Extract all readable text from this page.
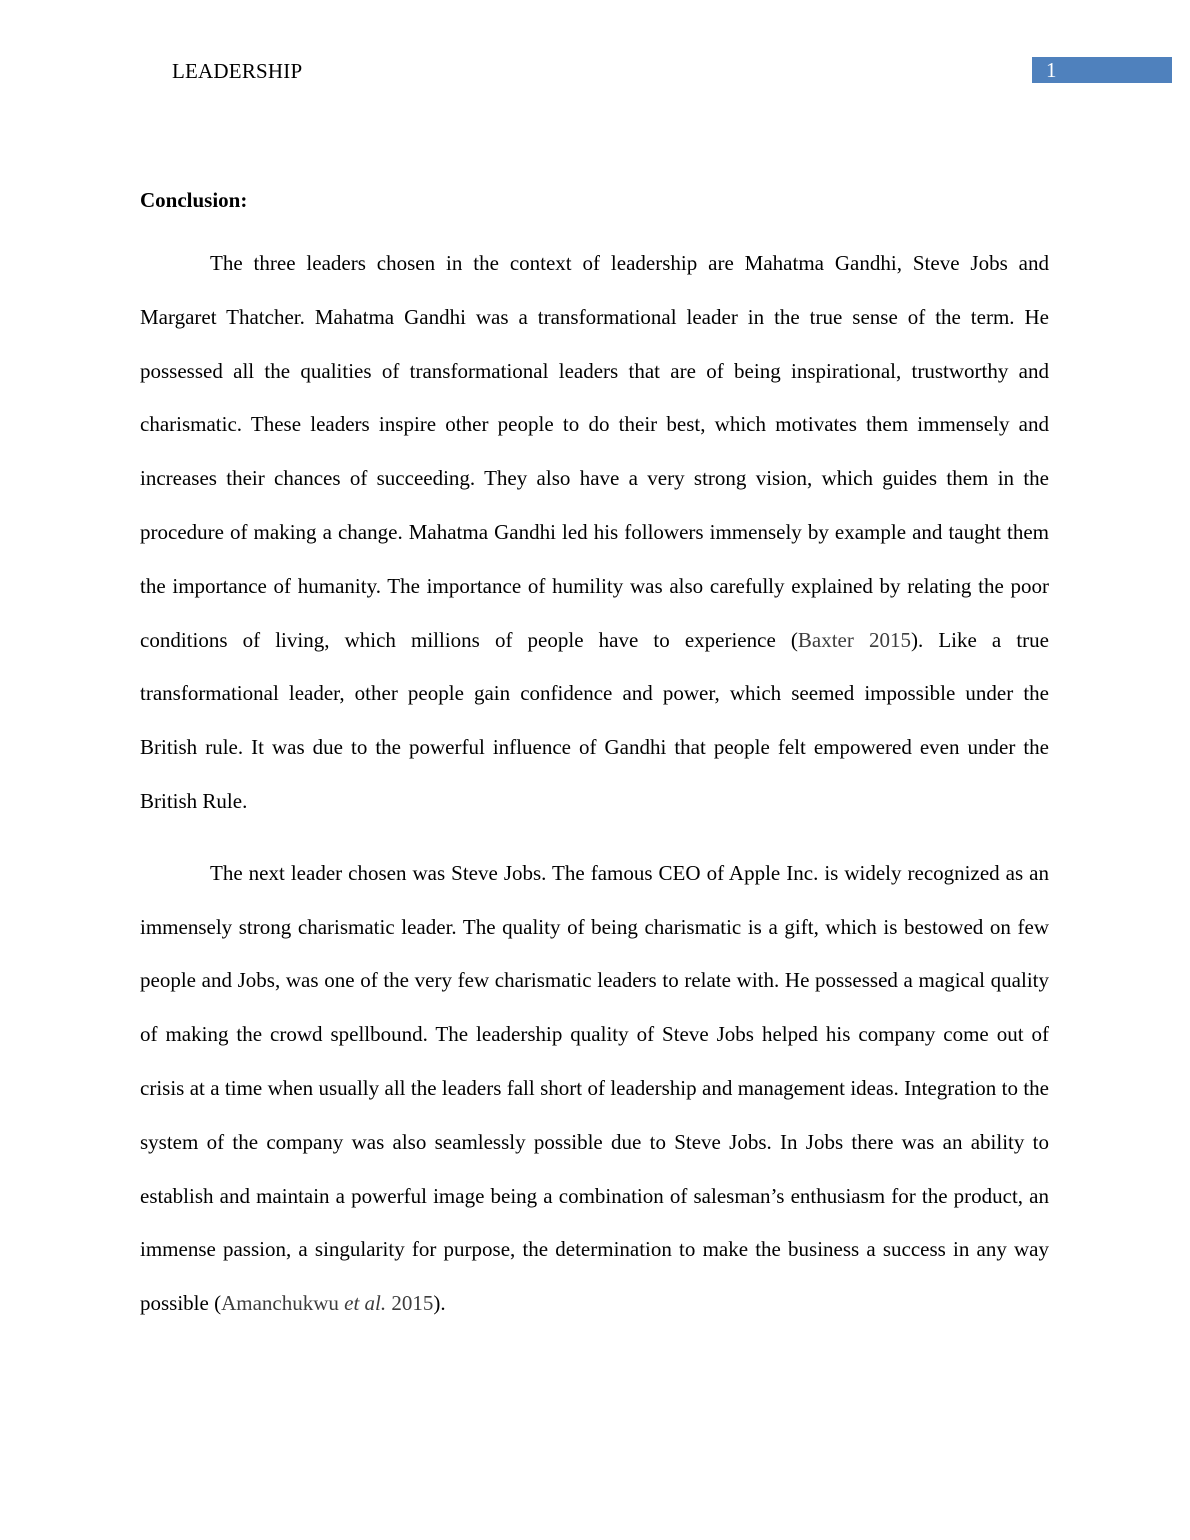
LEADERSHIP	1
Conclusion:

The three leaders chosen in the context of leadership are Mahatma Gandhi, Steve Jobs and Margaret Thatcher. Mahatma Gandhi was a transformational leader in the true sense of the term. He possessed all the qualities of transformational leaders that are of being inspirational, trustworthy and charismatic. These leaders inspire other people to do their best, which motivates them immensely and increases their chances of succeeding. They also have a very strong vision, which guides them in the procedure of making a change. Mahatma Gandhi led his followers immensely by example and taught them the importance of humanity. The importance of humility was also carefully explained by relating the poor conditions of living, which millions of people have to experience (Baxter 2015). Like a true transformational leader, other people gain confidence and power, which seemed impossible under the British rule. It was due to the powerful influence of Gandhi that people felt empowered even under the British Rule.

The next leader chosen was Steve Jobs. The famous CEO of Apple Inc. is widely recognized as an immensely strong charismatic leader. The quality of being charismatic is a gift, which is bestowed on few people and Jobs, was one of the very few charismatic leaders to relate with. He possessed a magical quality of making the crowd spellbound. The leadership quality of Steve Jobs helped his company come out of crisis at a time when usually all the leaders fall short of leadership and management ideas. Integration to the system of the company was also seamlessly possible due to Steve Jobs. In Jobs there was an ability to establish and maintain a powerful image being a combination of salesman’s enthusiasm for the product, an immense passion, a singularity for purpose, the determination to make the business a success in any way possible (Amanchukwu et al. 2015).
